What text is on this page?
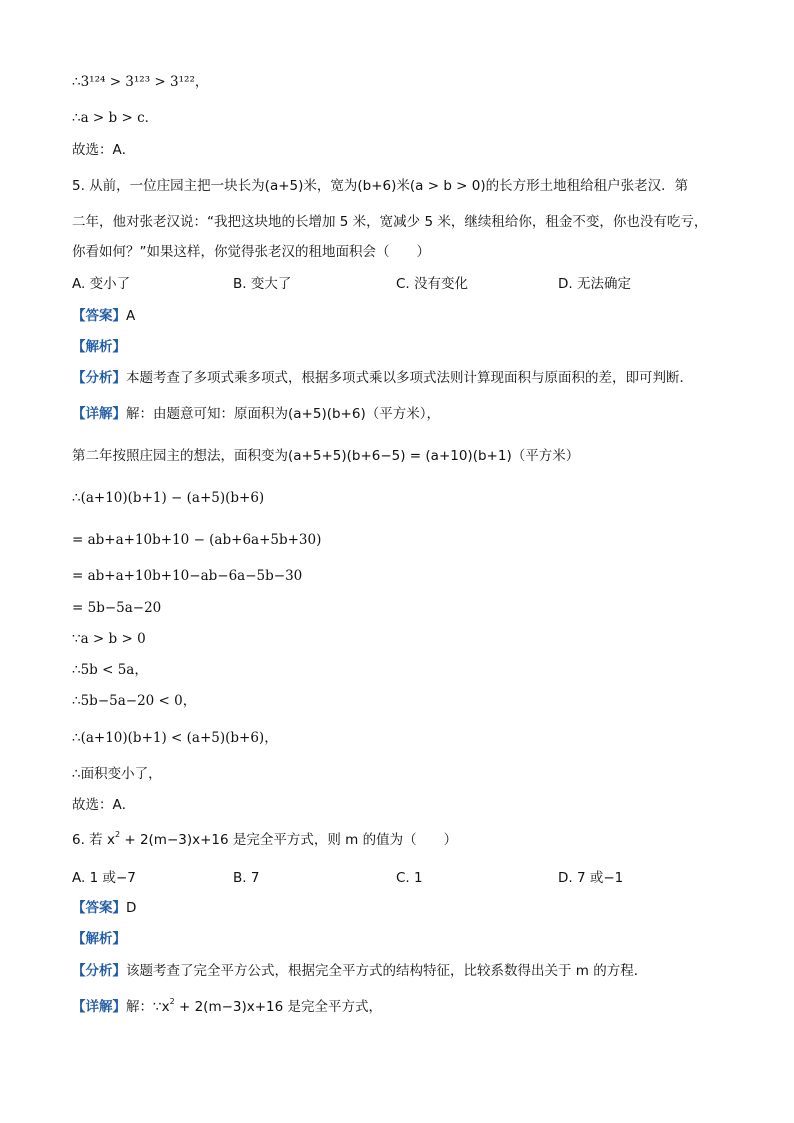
∴3¹²⁴ > 3¹²³ > 3¹²²，
∴a > b > c．
故选：A．
5. 从前，一位庄园主把一块长为(a+5)米，宽为(b+6)米(a > b > 0)的长方形土地租给租户张老汉．第
二年，他对张老汉说：“我把这块地的长增加 5 米，宽减少 5 米，继续租给你，租金不变，你也没有吃亏，
你看如何？”如果这样，你觉得张老汉的租地面积会（　　）
A. 变小了	B. 变大了	C. 没有变化	D. 无法确定
【答案】A
【解析】
【分析】本题考查了多项式乘多项式，根据多项式乘以多项式法则计算现面积与原面积的差，即可判断．
【详解】解：由题意可知：原面积为(a+5)(b+6)（平方米），
第二年按照庄园主的想法，面积变为(a+5+5)(b+6−5) = (a+10)(b+1)（平方米）
∴(a+10)(b+1) − (a+5)(b+6)
= ab+a+10b+10 − (ab+6a+5b+30)
= ab+a+10b+10−ab−6a−5b−30
= 5b−5a−20
∵a > b > 0
∴5b < 5a，
∴5b−5a−20 < 0，
∴(a+10)(b+1) < (a+5)(b+6)，
∴面积变小了，
故选：A．
6. 若 $x^2 + 2(m-3)x+16$ 是完全平方式，则 m 的值为（　　）
A. 1 或−7	B. 7	C. 1	D. 7 或−1
【答案】D
【解析】
【分析】该题考查了完全平方公式，根据完全平方式的结构特征，比较系数得出关于 m 的方程．
【详解】解：$\because x^2 + 2(m-3)x+16$ 是完全平方式，
